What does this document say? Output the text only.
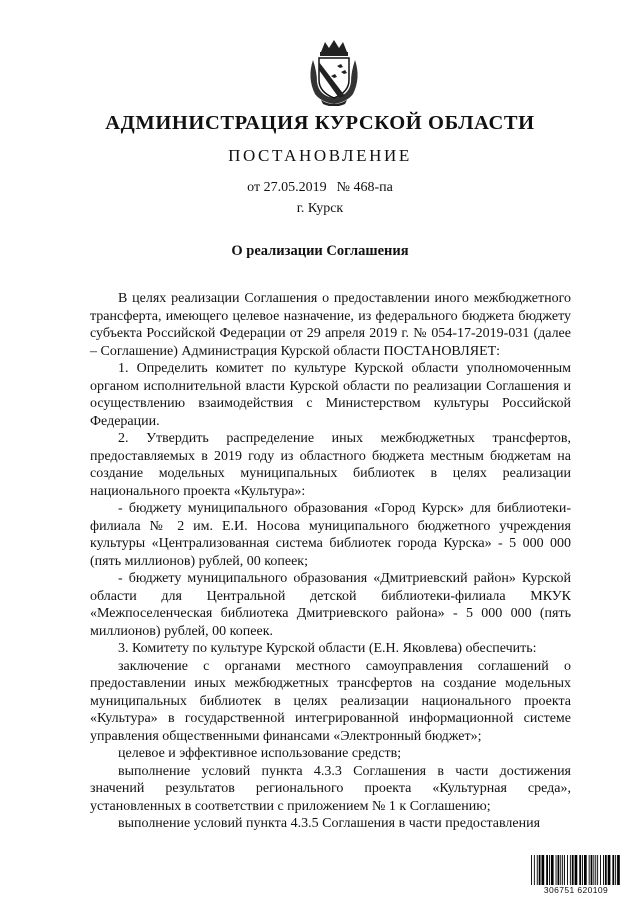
АДМИНИСТРАЦИЯ КУРСКОЙ ОБЛАСТИ
ПОСТАНОВЛЕНИЕ
от 27.05.2019 № 468-па
г. Курск
О реализации Соглашения

В целях реализации Соглашения о предоставлении иного межбюджетного трансферта, имеющего целевое назначение, из федерального бюджета бюджету субъекта Российской Федерации от 29 апреля 2019 г. № 054-17-2019-031 (далее – Соглашение) Администрация Курской области ПОСТАНОВЛЯЕТ:

1. Определить комитет по культуре Курской области уполномоченным органом исполнительной власти Курской области по реализации Соглашения и осуществлению взаимодействия с Министерством культуры Российской Федерации.

2. Утвердить распределение иных межбюджетных трансфертов, предоставляемых в 2019 году из областного бюджета местным бюджетам на создание модельных муниципальных библиотек в целях реализации национального проекта «Культура»:

- бюджету муниципального образования «Город Курск» для библиотеки-филиала № 2 им. Е.И. Носова муниципального бюджетного учреждения культуры «Централизованная система библиотек города Курска» - 5 000 000 (пять миллионов) рублей, 00 копеек;

- бюджету муниципального образования «Дмитриевский район» Курской области для Центральной детской библиотеки-филиала МКУК «Межпоселенческая библиотека Дмитриевского района» - 5 000 000 (пять миллионов) рублей, 00 копеек.

3. Комитету по культуре Курской области (Е.Н. Яковлева) обеспечить:

заключение с органами местного самоуправления соглашений о предоставлении иных межбюджетных трансфертов на создание модельных муниципальных библиотек в целях реализации национального проекта «Культура» в государственной интегрированной информационной системе управления общественными финансами «Электронный бюджет»;

целевое и эффективное использование средств;

выполнение условий пункта 4.3.3 Соглашения в части достижения значений результатов регионального проекта «Культурная среда», установленных в соответствии с приложением № 1 к Соглашению;

выполнение условий пункта 4.3.5 Соглашения в части предоставления

306751 620109
